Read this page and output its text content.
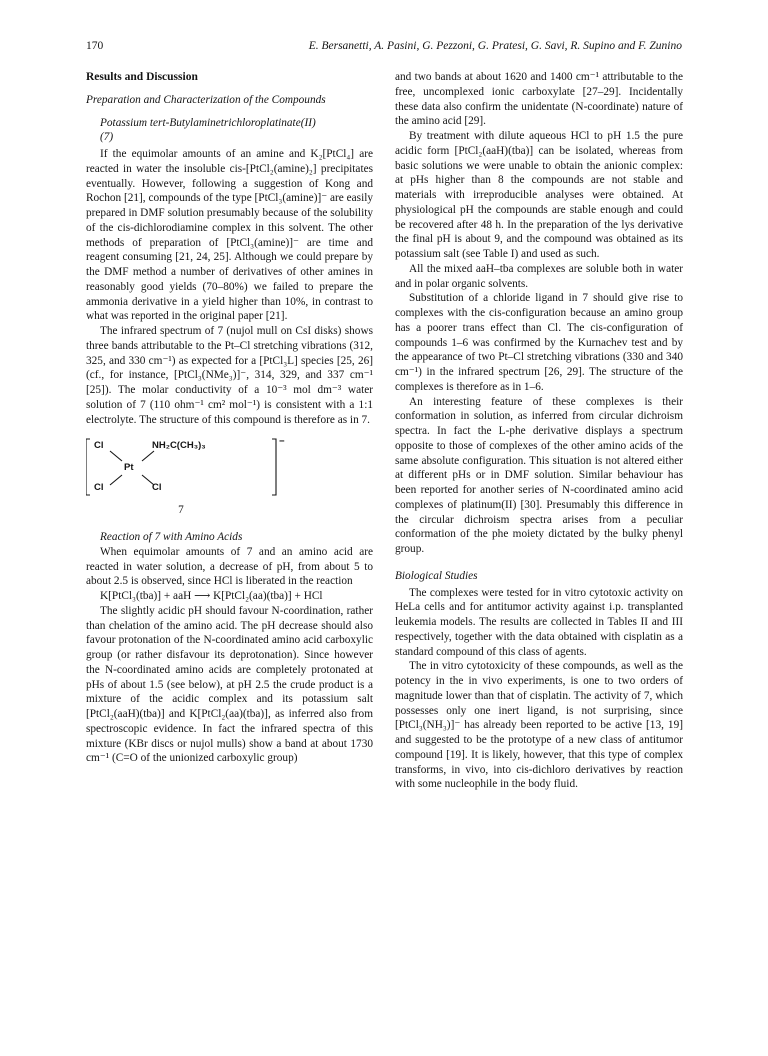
170	E. Bersanetti, A. Pasini, G. Pezzoni, G. Pratesi, G. Savi, R. Supino and F. Zunino
Results and Discussion
Preparation and Characterization of the Compounds
Potassium tert-Butylaminetrichloroplatinate(II)
(7)

If the equimolar amounts of an amine and K₂[PtCl₄] are reacted in water the insoluble cis-[PtCl₂(amine)₂] precipitates eventually. However, following a suggestion of Kong and Rochon [21], compounds of the type [PtCl₃(amine)]⁻ are easily prepared in DMF solution presumably because of the solubility of the cis-dichlorodiamine complex in this solvent. The other methods of preparation of [PtCl₃(amine)]⁻ are time and reagent consuming [21, 24, 25]. Although we could prepare by the DMF method a number of derivatives of other amines in reasonably good yields (70–80%) we failed to prepare the ammonia derivative in a yield higher than 10%, in contrast to what was reported in the original paper [21].

The infrared spectrum of 7 (nujol mull on CsI disks) shows three bands attributable to the Pt–Cl stretching vibrations (312, 325, and 330 cm⁻¹) as expected for a [PtCl₃L] species [25, 26] (cf., for instance, [PtCl₃(NMe₃)]⁻, 314, 329, and 337 cm⁻¹ [25]). The molar conductivity of a 10⁻³ mol dm⁻³ water solution of 7 (110 ohm⁻¹ cm² mol⁻¹) is consistent with a 1:1 electrolyte. The structure of this compound is therefore as in 7.

Cl	NH₂C(CH₃)₃	−
Pt
Cl	Cl
7
Reaction of 7 with Amino Acids

When equimolar amounts of 7 and an amino acid are reacted in water solution, a decrease of pH, from about 5 to about 2.5 is observed, since HCl is liberated in the reaction

K[PtCl₃(tba)] + aaH ⟶ K[PtCl₂(aa)(tba)] + HCl

The slightly acidic pH should favour N-coordination, rather than chelation of the amino acid. The pH decrease should also favour protonation of the N-coordinated amino acid carboxylic group (or rather disfavour its deprotonation). Since however the N-coordinated amino acids are completely protonated at pHs of about 1.5 (see below), at pH 2.5 the crude product is a mixture of the acidic complex and its potassium salt [PtCl₂(aaH)(tba)] and K[PtCl₂(aa)(tba)], as inferred also from spectroscopic evidence. In fact the infrared spectra of this mixture (KBr discs or nujol mulls) show a band at about 1730 cm⁻¹ (C=O of the unionized carboxylic group)

and two bands at about 1620 and 1400 cm⁻¹ attributable to the free, uncomplexed ionic carboxylate [27–29]. Incidentally these data also confirm the unidentate (N-coordinate) nature of the amino acid [29].

By treatment with dilute aqueous HCl to pH 1.5 the pure acidic form [PtCl₂(aaH)(tba)] can be isolated, whereas from basic solutions we were unable to obtain the anionic complex: at pHs higher than 8 the compounds are not stable and materials with irreproducible analyses were obtained. At physiological pH the compounds are stable enough and could be recovered after 48 h. In the preparation of the lys derivative the final pH is about 9, and the compound was obtained as its potassium salt (see Table I) and used as such.

All the mixed aaH–tba complexes are soluble both in water and in polar organic solvents.

Substitution of a chloride ligand in 7 should give rise to complexes with the cis-configuration because an amino group has a poorer trans effect than Cl. The cis-configuration of compounds 1–6 was confirmed by the Kurnachev test and by the appearance of two Pt–Cl stretching vibrations (330 and 340 cm⁻¹) in the infrared spectrum [26, 29]. The structure of the complexes is therefore as in 1–6.

An interesting feature of these complexes is their conformation in solution, as inferred from circular dichroism spectra. In fact the L-phe derivative displays a spectrum opposite to those of complexes of the other amino acids of the same absolute configuration. This situation is not altered either at different pHs or in DMF solution. Similar behaviour has been reported for another series of N-coordinated amino acid complexes of platinum(II) [30]. Presumably this difference in the circular dichroism spectra arises from a peculiar conformation of the phe moiety dictated by the bulky phenyl group.

Biological Studies

The complexes were tested for in vitro cytotoxic activity on HeLa cells and for antitumor activity against i.p. transplanted leukemia models. The results are collected in Tables II and III respectively, together with the data obtained with cisplatin as a standard compound of this class of agents.

The in vitro cytotoxicity of these compounds, as well as the potency in the in vivo experiments, is one to two orders of magnitude lower than that of cisplatin. The activity of 7, which possesses only one inert ligand, is not surprising, since [PtCl₃(NH₃)]⁻ has already been reported to be active [13, 19] and suggested to be the prototype of a new class of antitumor compound [19]. It is likely, however, that this type of complex transforms, in vivo, into cis-dichloro derivatives by reaction with some nucleophile in the body fluid.
